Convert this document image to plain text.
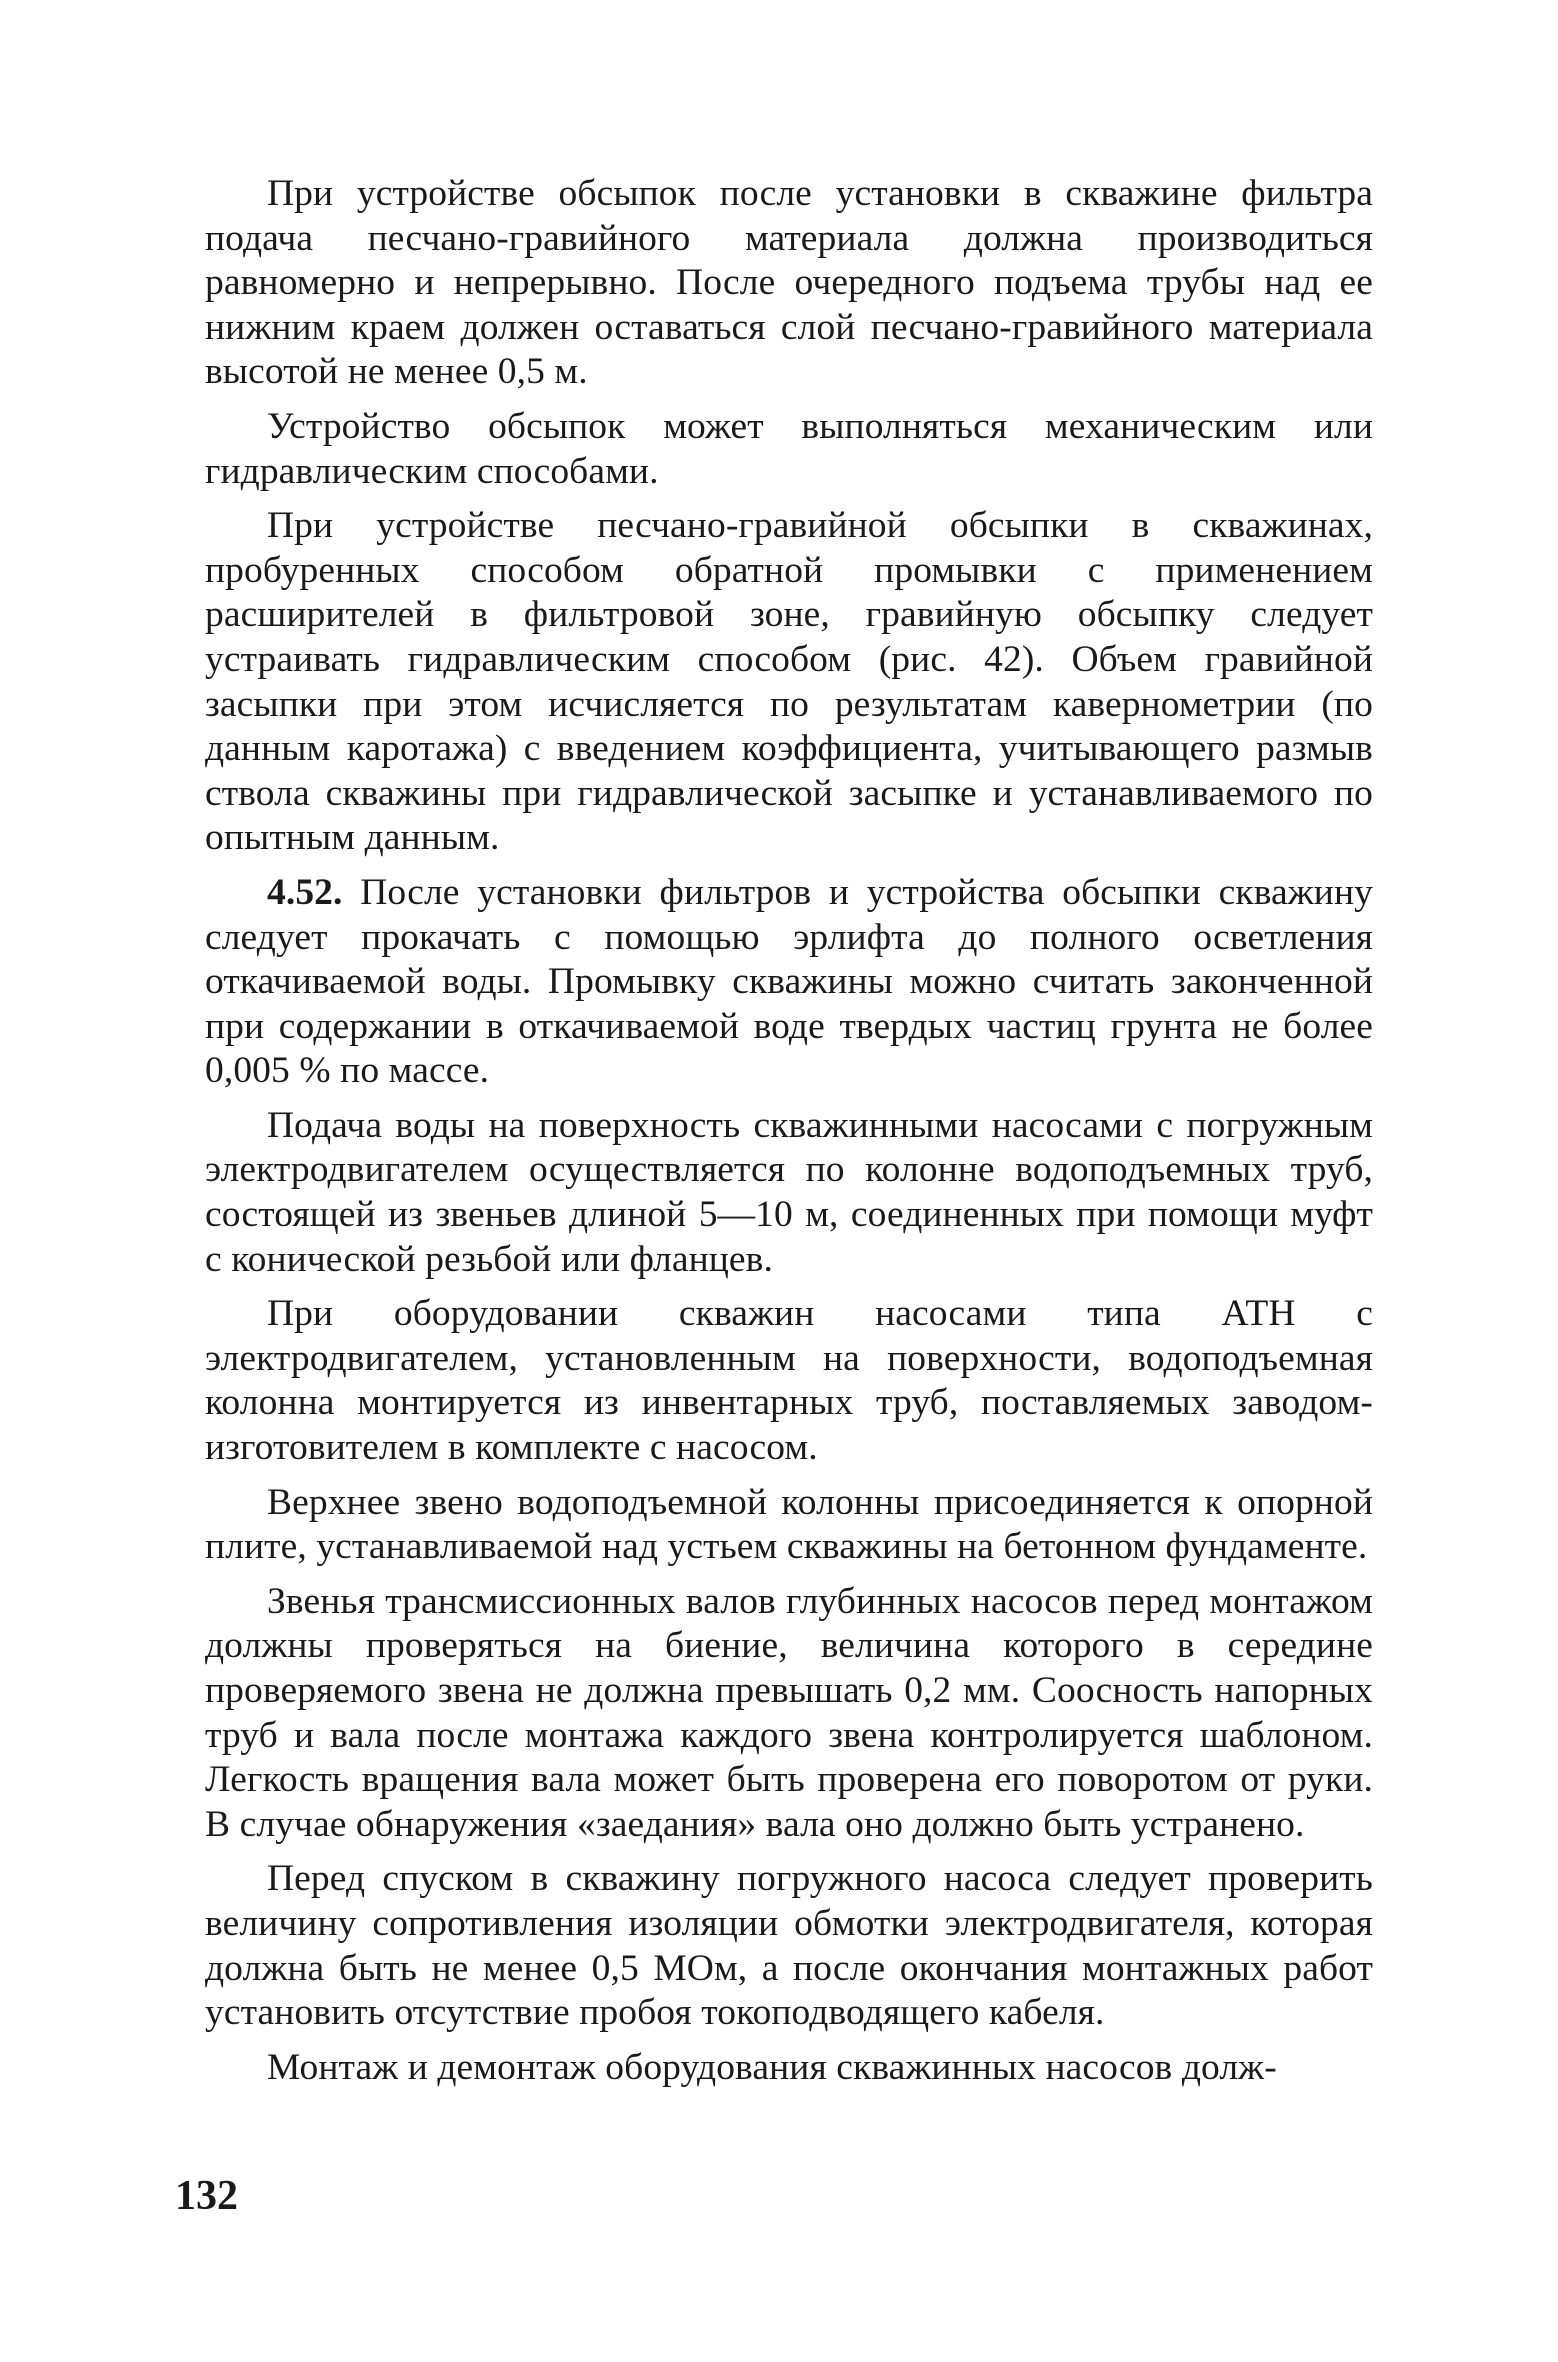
При устройстве обсыпок после установки в скважине фильтра подача песчано-гравийного материала должна производиться равномерно и непрерывно. После очередного подъема трубы над ее нижним краем должен оставаться слой песчано-гравийного материала высотой не менее 0,5 м.

Устройство обсыпок может выполняться механическим или гидравлическим способами.

При устройстве песчано-гравийной обсыпки в скважинах, пробуренных способом обратной промывки с применением расширителей в фильтровой зоне, гравийную обсыпку следует устраивать гидравлическим способом (рис. 42). Объем гравийной засыпки при этом исчисляется по результатам кавернометрии (по данным каротажа) с введением коэффициента, учитывающего размыв ствола скважины при гидравлической засыпке и устанавливаемого по опытным данным.

4.52. После установки фильтров и устройства обсыпки скважину следует прокачать с помощью эрлифта до полного осветления откачиваемой воды. Промывку скважины можно считать законченной при содержании в откачиваемой воде твердых частиц грунта не более 0,005 % по массе.

Подача воды на поверхность скважинными насосами с погружным электродвигателем осуществляется по колонне водоподъемных труб, состоящей из звеньев длиной 5—10 м, соединенных при помощи муфт с конической резьбой или фланцев.

При оборудовании скважин насосами типа АТН с электродвигателем, установленным на поверхности, водоподъемная колонна монтируется из инвентарных труб, поставляемых заводом-изготовителем в комплекте с насосом.

Верхнее звено водоподъемной колонны присоединяется к опорной плите, устанавливаемой над устьем скважины на бетонном фундаменте.

Звенья трансмиссионных валов глубинных насосов перед монтажом должны проверяться на биение, величина которого в середине проверяемого звена не должна превышать 0,2 мм. Соосность напорных труб и вала после монтажа каждого звена контролируется шаблоном. Легкость вращения вала может быть проверена его поворотом от руки. В случае обнаружения «заедания» вала оно должно быть устранено.

Перед спуском в скважину погружного насоса следует проверить величину сопротивления изоляции обмотки электродвигателя, которая должна быть не менее 0,5 МОм, а после окончания монтажных работ установить отсутствие пробоя токоподводящего кабеля.

Монтаж и демонтаж оборудования скважинных насосов долж-

132
